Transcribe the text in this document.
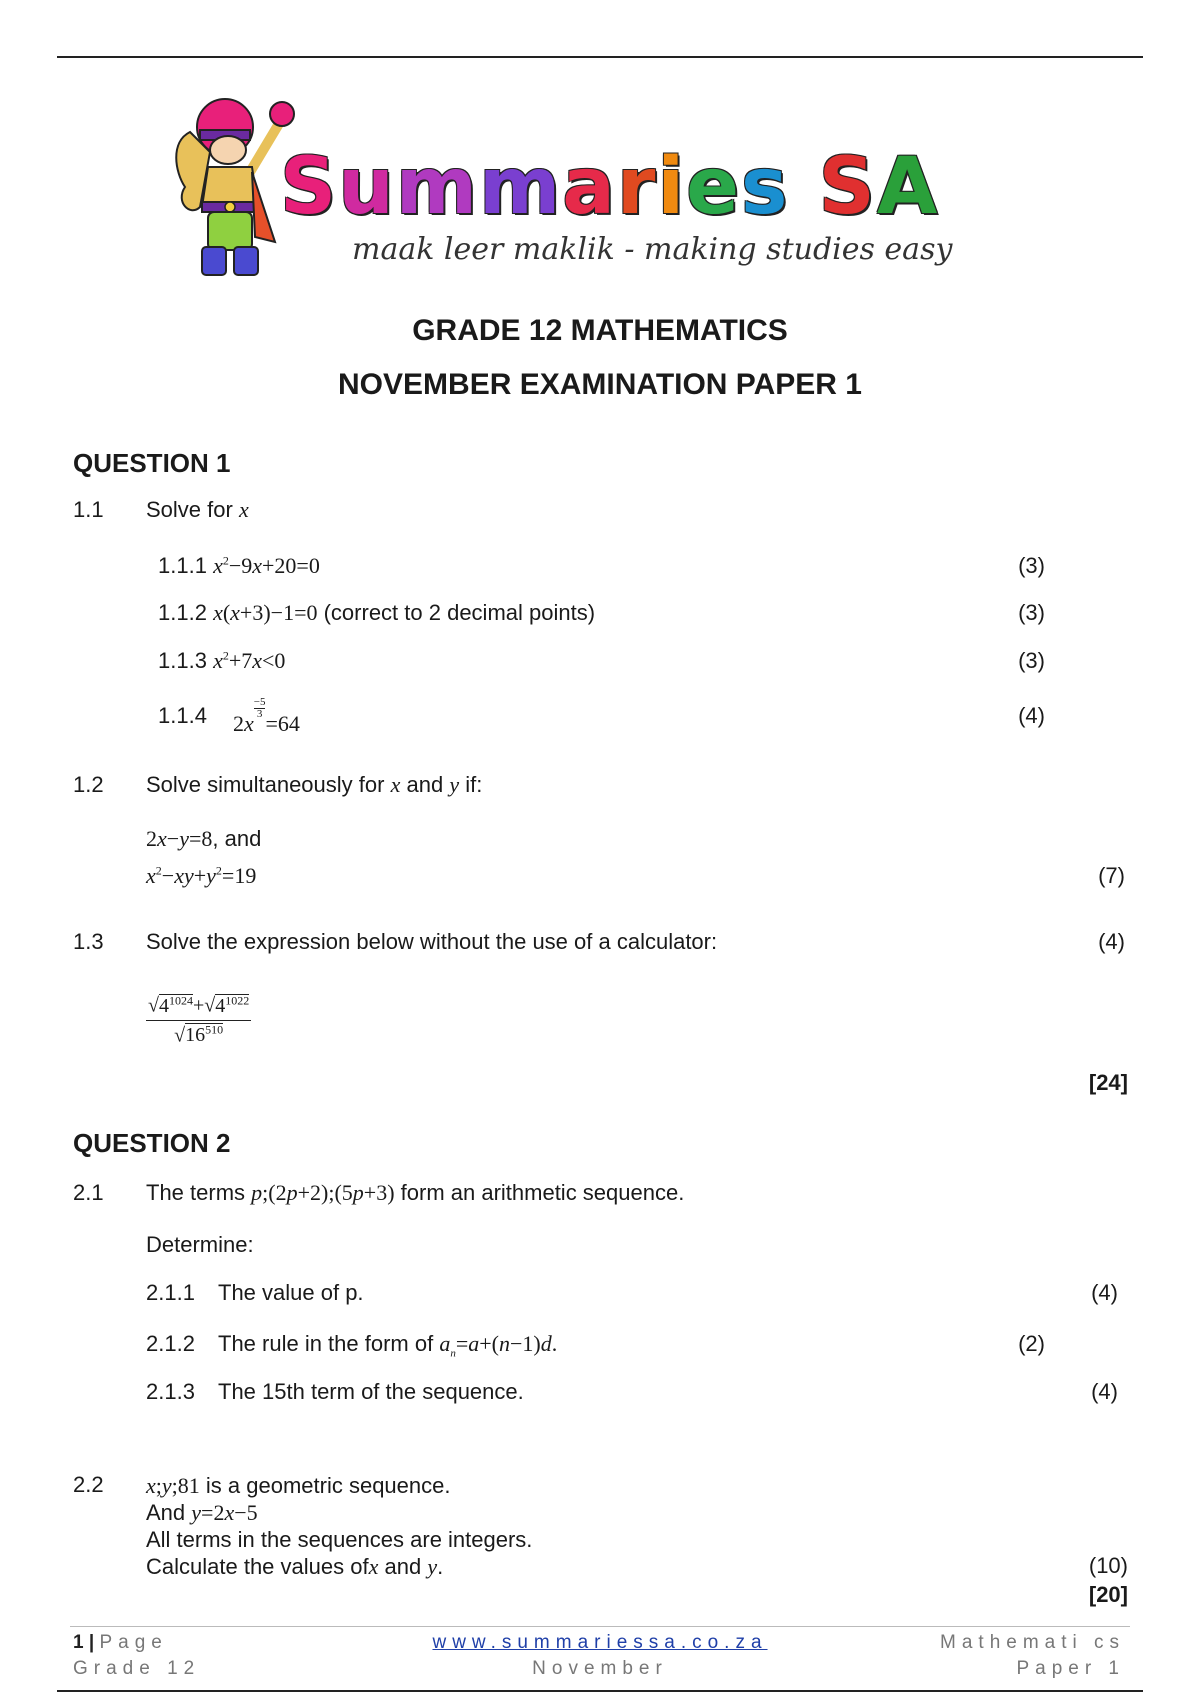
Summaries SA
maak leer maklik - making studies easy
GRADE 12 MATHEMATICS
NOVEMBER EXAMINATION PAPER 1
QUESTION 1
1.1 Solve for x
1.1.1 $x^2-9x+20=0$	(3)
1.1.2 x(x+3)−1=0 (correct to 2 decimal points)	(3)
1.1.3 $x^2+7x<0$	(3)
1.1.4 2x
$\frac{-5}{3}$
=64	(4)
1.2 Solve simultaneously for x and y if:
2x−y=8, and
$x^2-xy+y^2=19$	(7)
1.3 Solve the expression below without the use of a calculator:	(4)
$√4^{1024}+√4^{1022}$
$√16^{510}$
[24]
QUESTION 2
2.1 The terms p;(2p+2);(5p+3) form an arithmetic sequence.
Determine:
2.1.1 The value of p.	(4)
2.1.2 The rule in the form of $a_n=a+(n-1)d$.	(2)
2.1.3 The 15th term of the sequence.	(4)
2.2 x;y;81 is a geometric sequence.
And y=2x−5
All terms in the sequences are integers.
Calculate the values ofx and y.	(10)
[20]
1 | Page
Grade 12
www.summariessa.co.za
November
Mathemati cs
Paper 1
